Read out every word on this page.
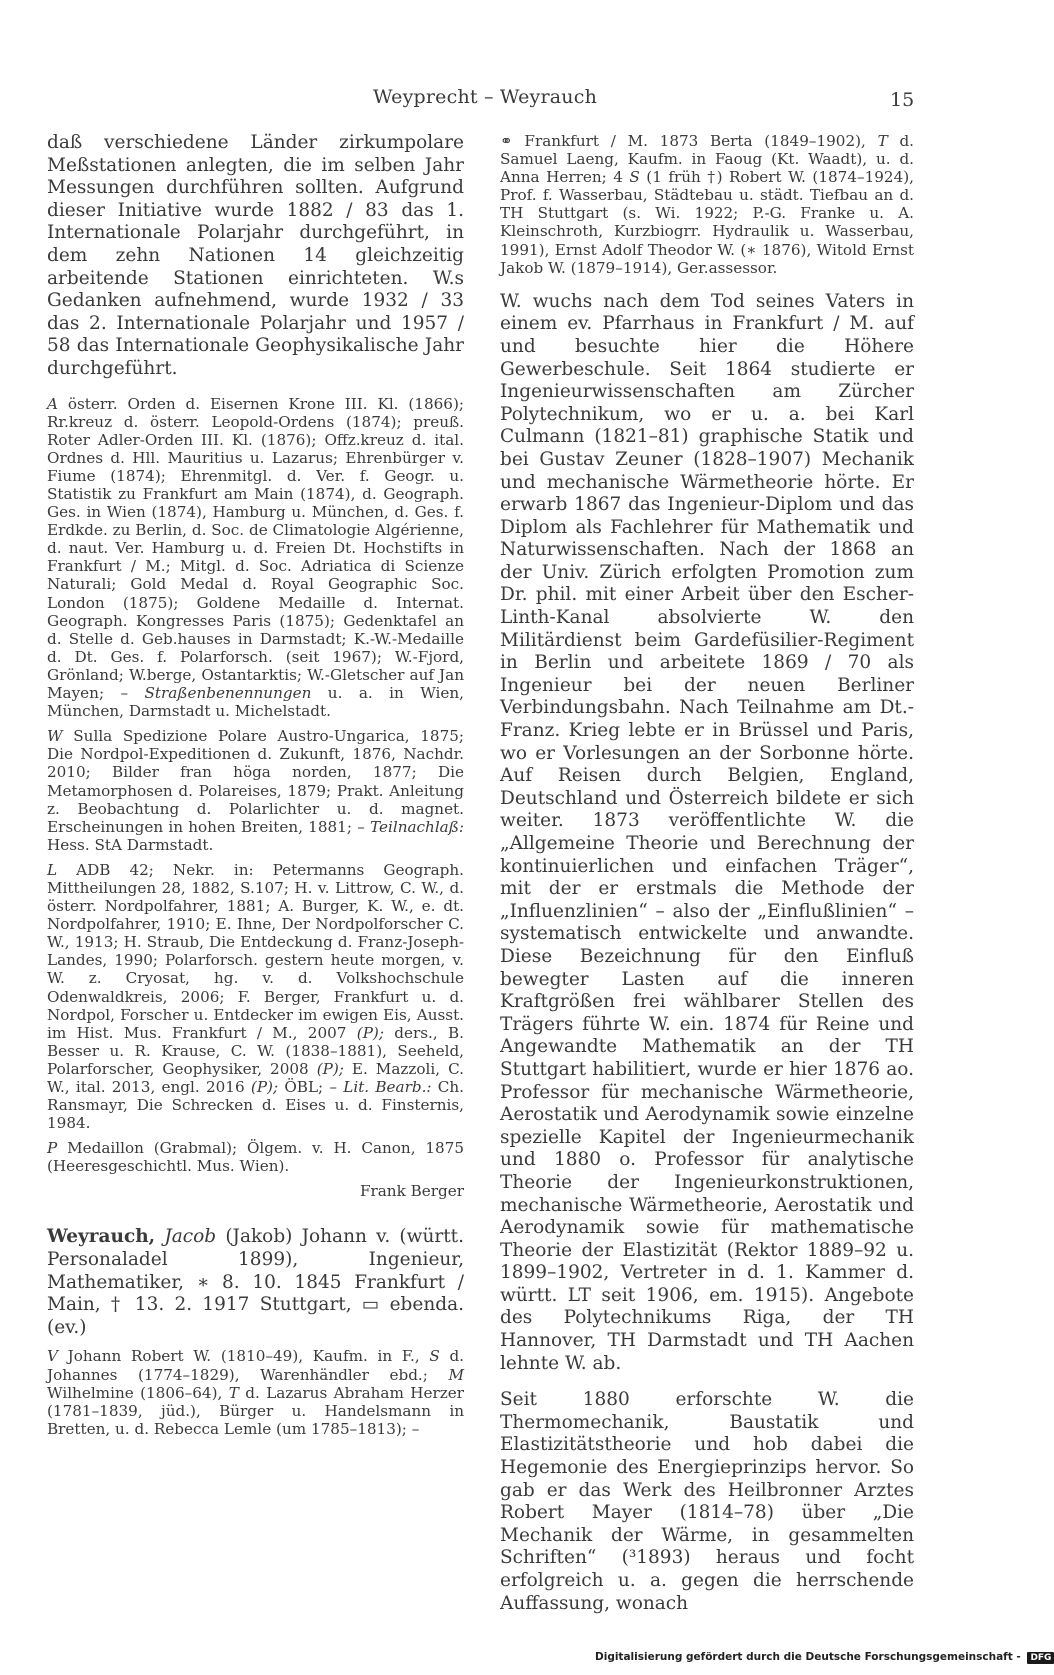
Weyprecht – Weyrauch	15

daß verschiedene Länder zirkumpolare Meßstationen anlegten, die im selben Jahr Messungen durchführen sollten. Aufgrund dieser Initiative wurde 1882 / 83 das 1. Internationale Polarjahr durchgeführt, in dem zehn Nationen 14 gleichzeitig arbeitende Stationen einrichteten. W.s Gedanken aufnehmend, wurde 1932 / 33 das 2. Internationale Polarjahr und 1957 / 58 das Internationale Geophysikalische Jahr durchgeführt.

A österr. Orden d. Eisernen Krone III. Kl. (1866); Rr.kreuz d. österr. Leopold-Ordens (1874); preuß. Roter Adler-Orden III. Kl. (1876); Offz.kreuz d. ital. Ordnes d. Hll. Mauritius u. Lazarus; Ehrenbürger v. Fiume (1874); Ehrenmitgl. d. Ver. f. Geogr. u. Statistik zu Frankfurt am Main (1874), d. Geograph. Ges. in Wien (1874), Hamburg u. München, d. Ges. f. Erdkde. zu Berlin, d. Soc. de Climatologie Algérienne, d. naut. Ver. Hamburg u. d. Freien Dt. Hochstifts in Frankfurt / M.; Mitgl. d. Soc. Adriatica di Scienze Naturali; Gold Medal d. Royal Geographic Soc. London (1875); Goldene Medaille d. Internat. Geograph. Kongresses Paris (1875); Gedenktafel an d. Stelle d. Geb.hauses in Darmstadt; K.-W.-Medaille d. Dt. Ges. f. Polarforsch. (seit 1967); W.-Fjord, Grönland; W.berge, Ostantarktis; W.-Gletscher auf Jan Mayen; – Straßenbenennungen u. a. in Wien, München, Darmstadt u. Michelstadt.

W Sulla Spedizione Polare Austro-Ungarica, 1875; Die Nordpol-Expeditionen d. Zukunft, 1876, Nachdr. 2010; Bilder fran höga norden, 1877; Die Metamorphosen d. Polareises, 1879; Prakt. Anleitung z. Beobachtung d. Polarlichter u. d. magnet. Erscheinungen in hohen Breiten, 1881; – Teilnachlaß: Hess. StA Darmstadt.

L ADB 42; Nekr. in: Petermanns Geograph. Mittheilungen 28, 1882, S.107; H. v. Littrow, C. W., d. österr. Nordpolfahrer, 1881; A. Burger, K. W., e. dt. Nordpolfahrer, 1910; E. Ihne, Der Nordpolforscher C. W., 1913; H. Straub, Die Entdeckung d. Franz-Joseph-Landes, 1990; Polarforsch. gestern heute morgen, v. W. z. Cryosat, hg. v. d. Volkshochschule Odenwaldkreis, 2006; F. Berger, Frankfurt u. d. Nordpol, Forscher u. Entdecker im ewigen Eis, Ausst. im Hist. Mus. Frankfurt / M., 2007 (P); ders., B. Besser u. R. Krause, C. W. (1838–1881), Seeheld, Polarforscher, Geophysiker, 2008 (P); E. Mazzoli, C. W., ital. 2013, engl. 2016 (P); ÖBL; – Lit. Bearb.: Ch. Ransmayr, Die Schrecken d. Eises u. d. Finsternis, 1984.

P Medaillon (Grabmal); Ölgem. v. H. Canon, 1875 (Heeresgeschichtl. Mus. Wien).

Frank Berger

Weyrauch, Jacob (Jakob) Johann v. (württ. Personaladel 1899), Ingenieur, Mathematiker, ∗ 8. 10. 1845 Frankfurt / Main, † 13. 2. 1917 Stuttgart, ▭ ebenda. (ev.)

V Johann Robert W. (1810–49), Kaufm. in F., S d. Johannes (1774–1829), Warenhändler ebd.; M Wilhelmine (1806–64), T d. Lazarus Abraham Herzer (1781–1839, jüd.), Bürger u. Handelsmann in Bretten, u. d. Rebecca Lemle (um 1785–1813); –

⚭ Frankfurt / M. 1873 Berta (1849–1902), T d. Samuel Laeng, Kaufm. in Faoug (Kt. Waadt), u. d. Anna Herren; 4 S (1 früh †) Robert W. (1874–1924), Prof. f. Wasserbau, Städtebau u. städt. Tiefbau an d. TH Stuttgart (s. Wi. 1922; P.-G. Franke u. A. Kleinschroth, Kurzbiogrr. Hydraulik u. Wasserbau, 1991), Ernst Adolf Theodor W. (∗ 1876), Witold Ernst Jakob W. (1879–1914), Ger.assessor.

W. wuchs nach dem Tod seines Vaters in einem ev. Pfarrhaus in Frankfurt / M. auf und besuchte hier die Höhere Gewerbeschule. Seit 1864 studierte er Ingenieurwissenschaften am Zürcher Polytechnikum, wo er u. a. bei Karl Culmann (1821–81) graphische Statik und bei Gustav Zeuner (1828–1907) Mechanik und mechanische Wärmetheorie hörte. Er erwarb 1867 das Ingenieur-Diplom und das Diplom als Fachlehrer für Mathematik und Naturwissenschaften. Nach der 1868 an der Univ. Zürich erfolgten Promotion zum Dr. phil. mit einer Arbeit über den Escher-Linth-Kanal absolvierte W. den Militärdienst beim Gardefüsilier-Regiment in Berlin und arbeitete 1869 / 70 als Ingenieur bei der neuen Berliner Verbindungsbahn. Nach Teilnahme am Dt.-Franz. Krieg lebte er in Brüssel und Paris, wo er Vorlesungen an der Sorbonne hörte. Auf Reisen durch Belgien, England, Deutschland und Österreich bildete er sich weiter. 1873 veröffentlichte W. die „Allgemeine Theorie und Berechnung der kontinuierlichen und einfachen Träger“, mit der er erstmals die Methode der „Influenzlinien“ – also der „Einflußlinien“ – systematisch entwickelte und anwandte. Diese Bezeichnung für den Einfluß bewegter Lasten auf die inneren Kraftgrößen frei wählbarer Stellen des Trägers führte W. ein. 1874 für Reine und Angewandte Mathematik an der TH Stuttgart habilitiert, wurde er hier 1876 ao. Professor für mechanische Wärmetheorie, Aerostatik und Aerodynamik sowie einzelne spezielle Kapitel der Ingenieurmechanik und 1880 o. Professor für analytische Theorie der Ingenieurkonstruktionen, mechanische Wärmetheorie, Aerostatik und Aerodynamik sowie für mathematische Theorie der Elastizität (Rektor 1889–92 u. 1899–1902, Vertreter in d. 1. Kammer d. württ. LT seit 1906, em. 1915). Angebote des Polytechnikums Riga, der TH Hannover, TH Darmstadt und TH Aachen lehnte W. ab.

Seit 1880 erforschte W. die Thermomechanik, Baustatik und Elastizitätstheorie und hob dabei die Hegemonie des Energieprinzips hervor. So gab er das Werk des Heilbronner Arztes Robert Mayer (1814–78) über „Die Mechanik der Wärme, in gesammelten Schriften“ (³1893) heraus und focht erfolgreich u. a. gegen die herrschende Auffassung, wonach

Digitalisierung gefördert durch die Deutsche Forschungsgemeinschaft - DFG
